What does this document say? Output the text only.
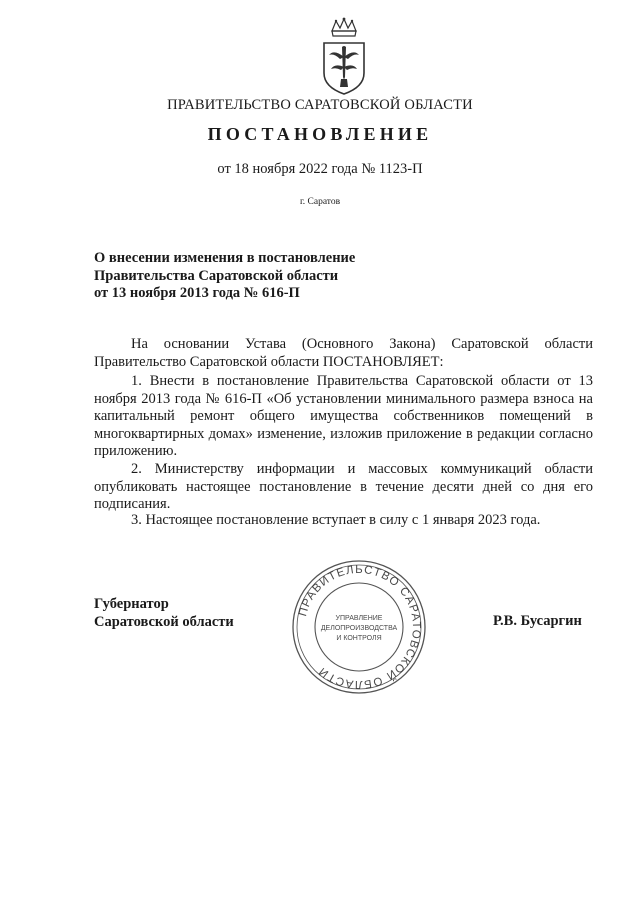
ПРАВИТЕЛЬСТВО САРАТОВСКОЙ ОБЛАСТИ
ПОСТАНОВЛЕНИЕ
от 18 ноября 2022 года № 1123-П
г. Саратов
О внесении изменения в постановление
Правительства Саратовской области
от 13 ноября 2013 года № 616-П
На основании Устава (Основного Закона) Саратовской области
Правительство Саратовской области ПОСТАНОВЛЯЕТ:
1. Внести в постановление Правительства Саратовской области от 13 ноября 2013 года № 616-П «Об установлении минимального размера взноса на капитальный ремонт общего имущества собственников помещений в многоквартирных домах» изменение, изложив приложение в редакции согласно приложению.
2. Министерству информации и массовых коммуникаций области опубликовать настоящее постановление в течение десяти дней со дня его подписания.
3. Настоящее постановление вступает в силу с 1 января 2023 года.
Губернатор
Саратовской области	Р.В. Бусаргин
ПРАВИТЕЛЬСТВО САРАТОВСКОЙ ОБЛАСТИ
УПРАВЛЕНИЕ
ДЕЛОПРОИЗВОДСТВА
И КОНТРОЛЯ
